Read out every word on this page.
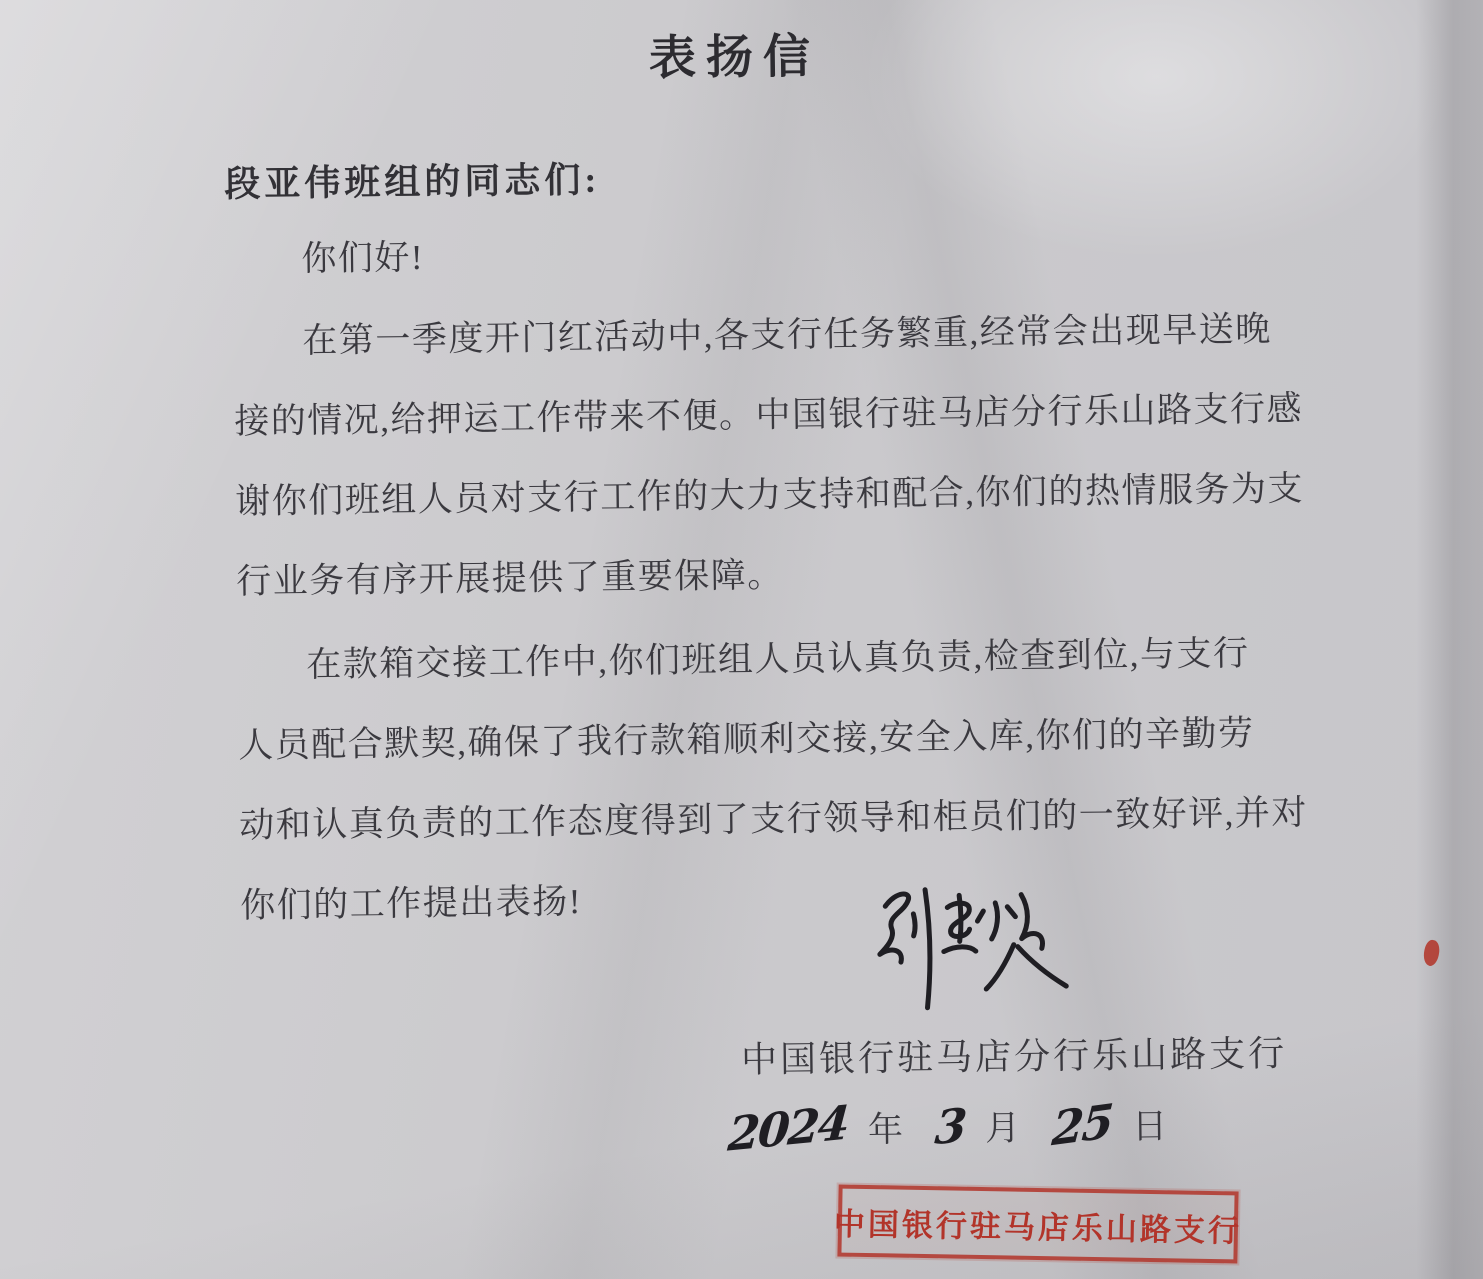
表扬信
段亚伟班组的同志们:
你们好!
在第一季度开门红活动中,各支行任务繁重,经常会出现早送晚
接的情况,给押运工作带来不便。中国银行驻马店分行乐山路支行感
谢你们班组人员对支行工作的大力支持和配合,你们的热情服务为支
行业务有序开展提供了重要保障。
在款箱交接工作中,你们班组人员认真负责,检查到位,与支行
人员配合默契,确保了我行款箱顺利交接,安全入库,你们的辛勤劳
动和认真负责的工作态度得到了支行领导和柜员们的一致好评,并对
你们的工作提出表扬!
中国银行驻马店分行乐山路支行
2024 年 3 月 25 日
中国银行驻马店乐山路支行
